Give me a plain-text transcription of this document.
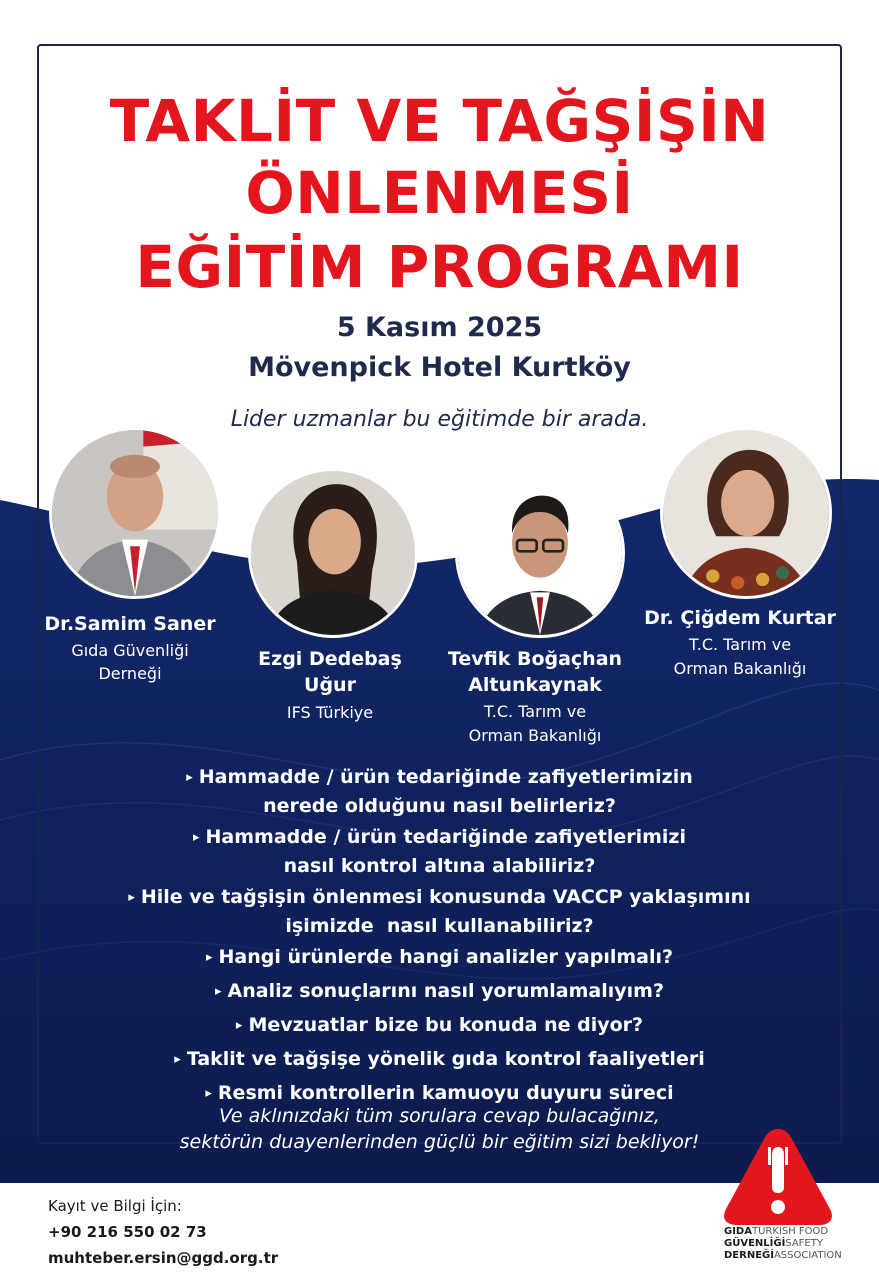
TAKLİT VE TAĞŞİŞİN
ÖNLENMESİ
EĞİTİM PROGRAMI
5 Kasım 2025
Mövenpick Hotel Kurtköy
Lider uzmanlar bu eğitimde bir arada.
Dr.Samim Saner
Gıda Güvenliği
Derneği
Ezgi Dedebaş
Uğur
IFS Türkiye
Tevfik Boğaçhan
Altunkaynak
T.C. Tarım ve
Orman Bakanlığı
Dr. Çiğdem Kurtar
T.C. Tarım ve
Orman Bakanlığı
▸ Hammadde / ürün tedariğinde zafiyetlerimizin
nerede olduğunu nasıl belirleriz?
▸ Hammadde / ürün tedariğinde zafiyetlerimizi
nasıl kontrol altına alabiliriz?
▸ Hile ve tağşişin önlenmesi konusunda VACCP yaklaşımını
işimizde  nasıl kullanabiliriz?
▸ Hangi ürünlerde hangi analizler yapılmalı?
▸ Analiz sonuçlarını nasıl yorumlamalıyım?
▸ Mevzuatlar bize bu konuda ne diyor?
▸ Taklit ve tağşişe yönelik gıda kontrol faaliyetleri
▸ Resmi kontrollerin kamuoyu duyuru süreci
Ve aklınızdaki tüm sorulara cevap bulacağınız,
sektörün duayenlerinden güçlü bir eğitim sizi bekliyor!
Kayıt ve Bilgi İçin:
+90 216 550 02 73
muhteber.ersin@ggd.org.tr
GIDATURKISH FOOD
GÜVENLİĞİSAFETY
DERNEĞİASSOCIATION
